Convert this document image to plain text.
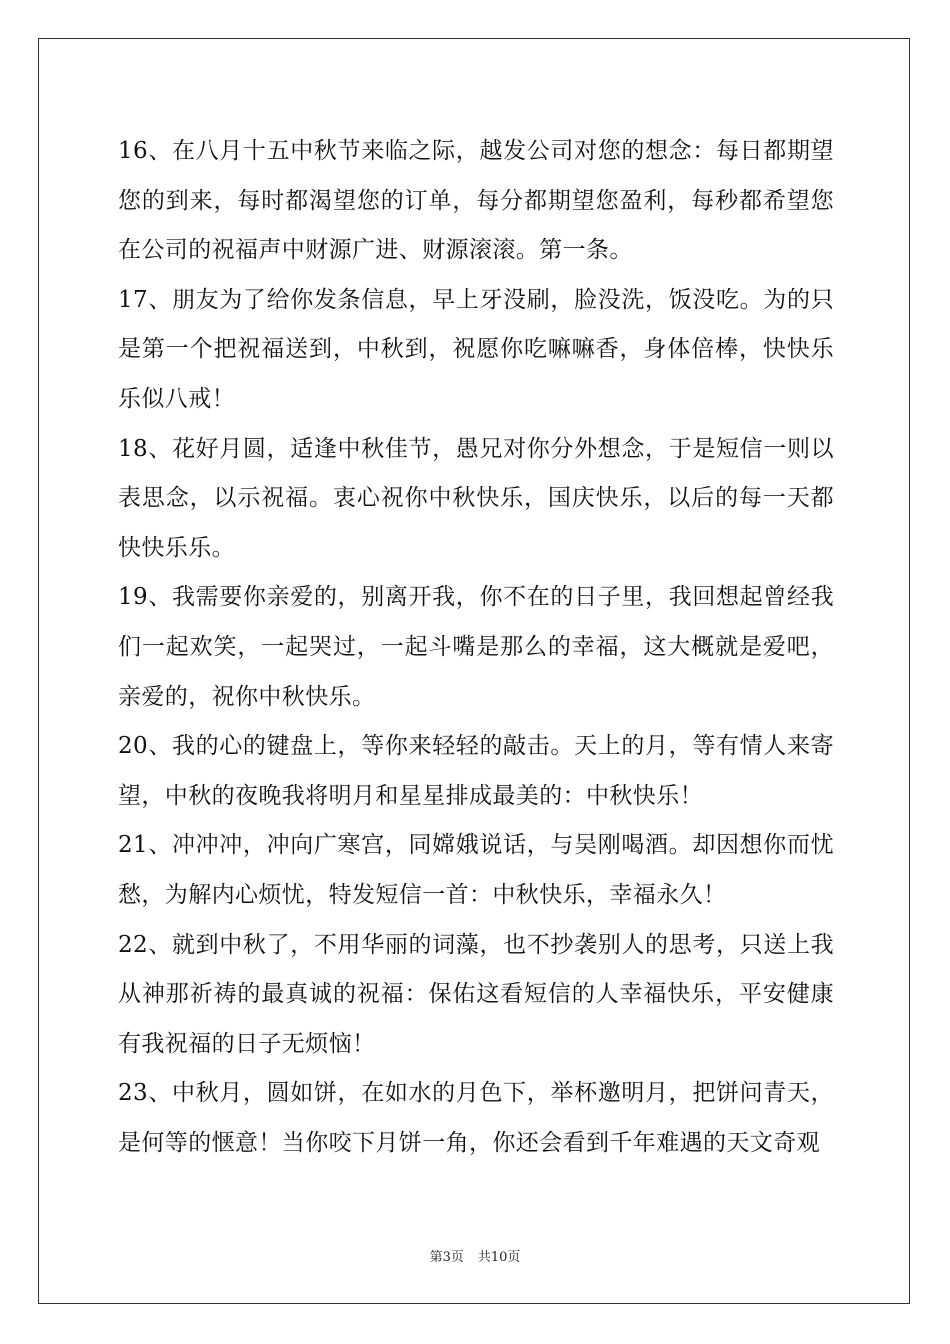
16、在八月十五中秋节来临之际，越发公司对您的想念：每日都期望您的到来，每时都渴望您的订单，每分都期望您盈利，每秒都希望您在公司的祝福声中财源广进、财源滚滚。第一条。

17、朋友为了给你发条信息，早上牙没刷，脸没洗，饭没吃。为的只是第一个把祝福送到，中秋到，祝愿你吃嘛嘛香，身体倍棒，快快乐乐似八戒！

18、花好月圆，适逢中秋佳节，愚兄对你分外想念，于是短信一则以表思念，以示祝福。衷心祝你中秋快乐，国庆快乐，以后的每一天都快快乐乐。

19、我需要你亲爱的，别离开我，你不在的日子里，我回想起曾经我们一起欢笑，一起哭过，一起斗嘴是那么的幸福，这大概就是爱吧，亲爱的，祝你中秋快乐。

20、我的心的键盘上，等你来轻轻的敲击。天上的月，等有情人来寄望，中秋的夜晚我将明月和星星排成最美的：中秋快乐！

21、冲冲冲，冲向广寒宫，同嫦娥说话，与吴刚喝酒。却因想你而忧愁，为解内心烦忧，特发短信一首：中秋快乐，幸福永久！

22、就到中秋了，不用华丽的词藻，也不抄袭别人的思考，只送上我从神那祈祷的最真诚的祝福：保佑这看短信的人幸福快乐，平安健康有我祝福的日子无烦恼！

23、中秋月，圆如饼，在如水的月色下，举杯邀明月，把饼问青天，是何等的惬意！当你咬下月饼一角，你还会看到千年难遇的天文奇观

第3页 共10页
